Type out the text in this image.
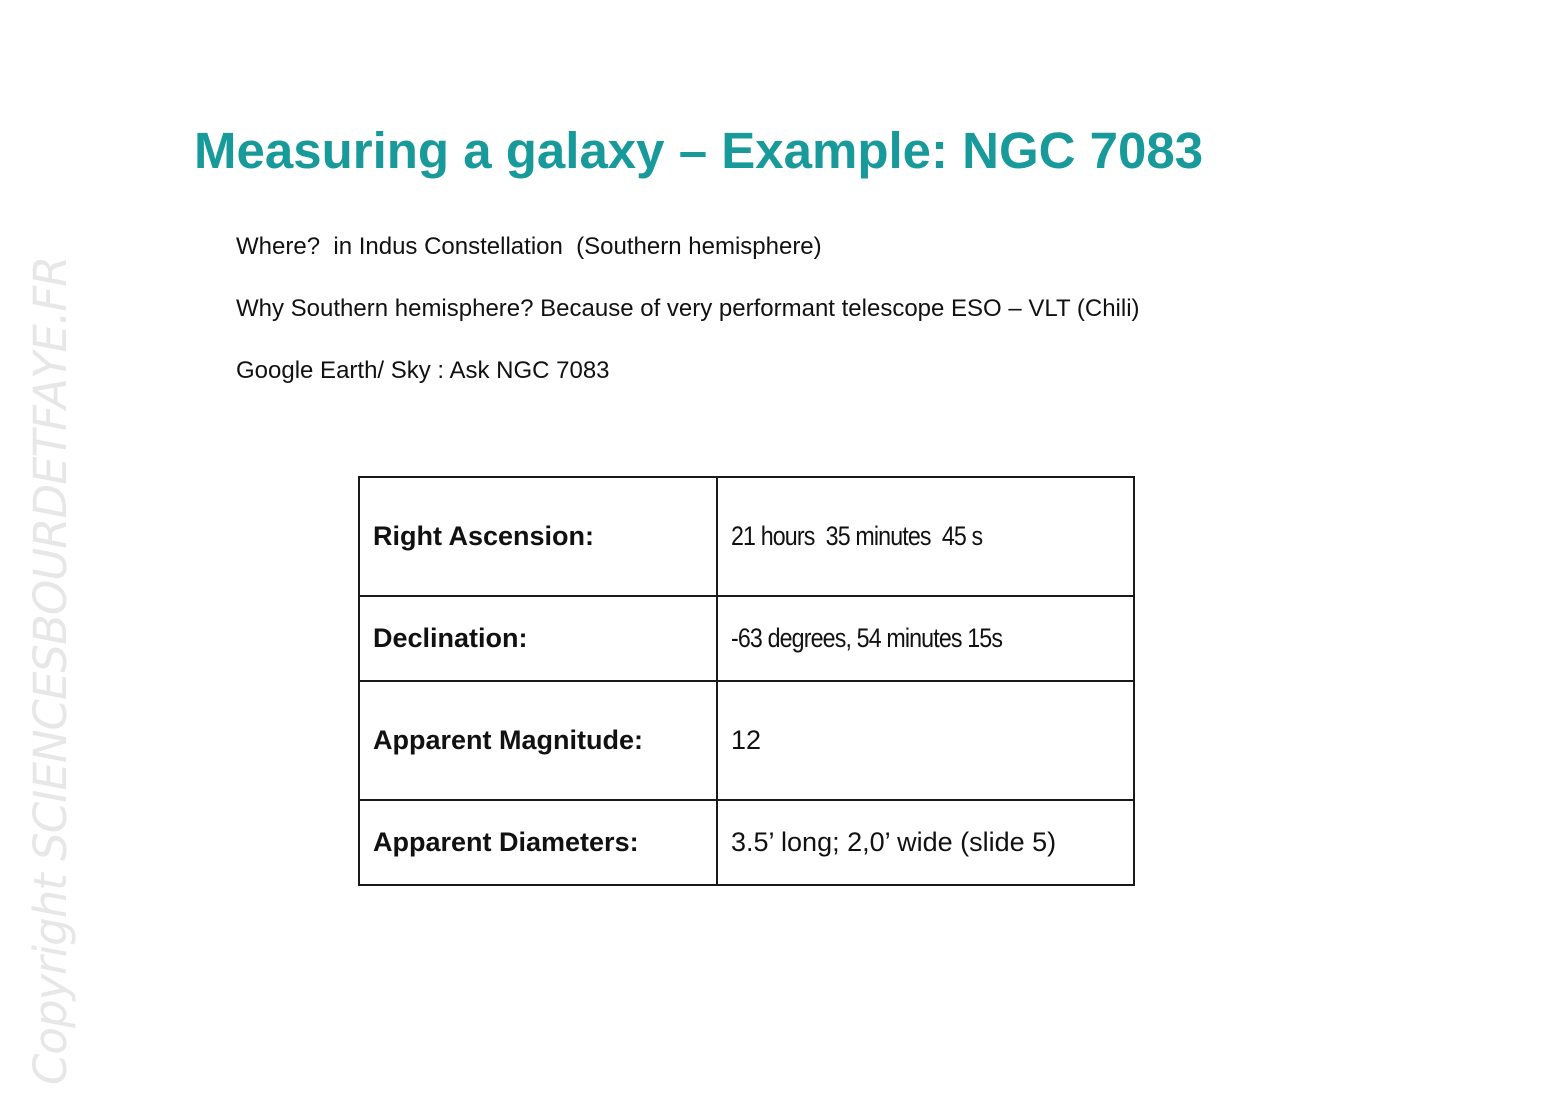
Copyright SCIENCESBOURDETFAYE.FR
Measuring a galaxy – Example: NGC 7083

Where?  in Indus Constellation  (Southern hemisphere)

Why Southern hemisphere? Because of very performant telescope ESO – VLT (Chili)

Google Earth/ Sky : Ask NGC 7083

Right Ascension:	21 hours  35 minutes  45 s
Declination:	-63 degrees, 54 minutes 15s
Apparent Magnitude:	12
Apparent Diameters:	3.5’ long; 2,0’ wide (slide 5)
